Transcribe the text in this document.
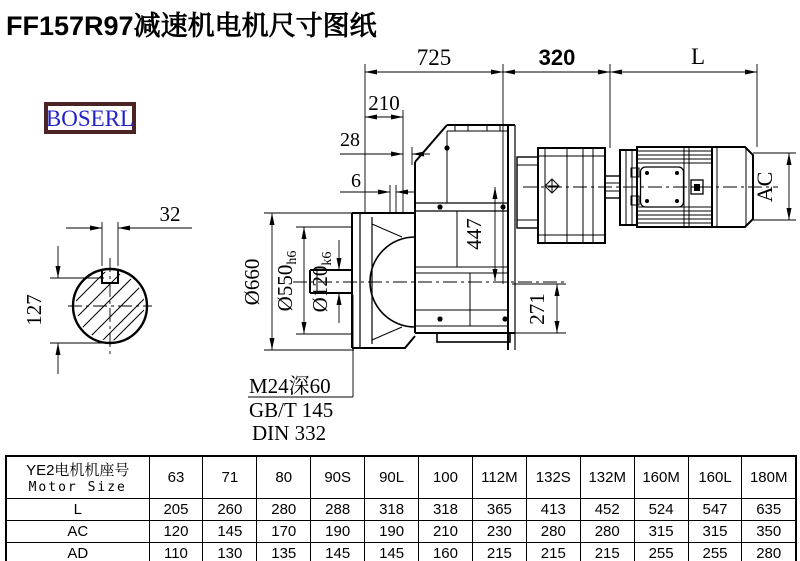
FF157R97减速机电机尺寸图纸
BOSERL
725	320	L
210
28
6
32
127
Ø660 Ø550h6
Ø120k6
447
271
AC
M24深60
GB/T 145
DIN 332
YE2电机机座号
Motor Size	63	71	80	90S	90L	100	112M	132S	132M	160M	160L	180M
L	205	260	280	288	318	318	365	413	452	524	547	635
AC	120	145	170	190	190	210	230	280	280	315	315	350
AD	110	130	135	145	145	160	215	215	215	255	255	280
